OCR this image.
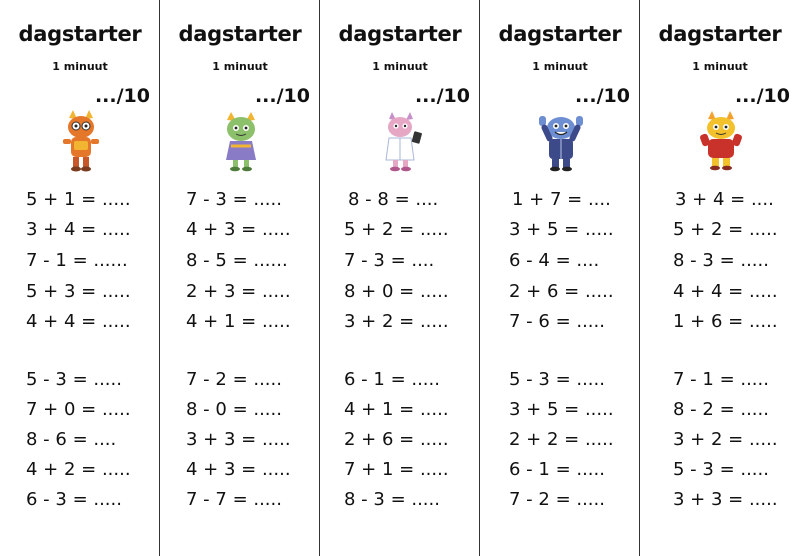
dagstarter
1 minuut
.../10
5 + 1 = .....
3 + 4 = .....
7 - 1 = ......
5 + 3 = .....
4 + 4 = .....
5 - 3 = .....
7 + 0 = .....
8 - 6 = ....
4 + 2 = .....
6 - 3 = .....
dagstarter
1 minuut
.../10
7 - 3 = .....
4 + 3 = .....
8 - 5 = ......
2 + 3 = .....
4 + 1 = .....
7 - 2 = .....
8 - 0 = .....
3 + 3 = .....
4 + 3 = .....
7 - 7 = .....
dagstarter
1 minuut
.../10
8 - 8 = ....
5 + 2 = .....
7 - 3 = ....
8 + 0 = .....
3 + 2 = .....
6 - 1 = .....
4 + 1 = .....
2 + 6 = .....
7 + 1 = .....
8 - 3 = .....
dagstarter
1 minuut
.../10
1 + 7 = ....
3 + 5 = .....
6 - 4 = ....
2 + 6 = .....
7 - 6 = .....
5 - 3 = .....
3 + 5 = .....
2 + 2 = .....
6 - 1 = .....
7 - 2 = .....
dagstarter
1 minuut
.../10
3 + 4 = ....
5 + 2 = .....
8 - 3 = .....
4 + 4 = .....
1 + 6 = .....
7 - 1 = .....
8 - 2 = .....
3 + 2 = .....
5 - 3 = .....
3 + 3 = .....
